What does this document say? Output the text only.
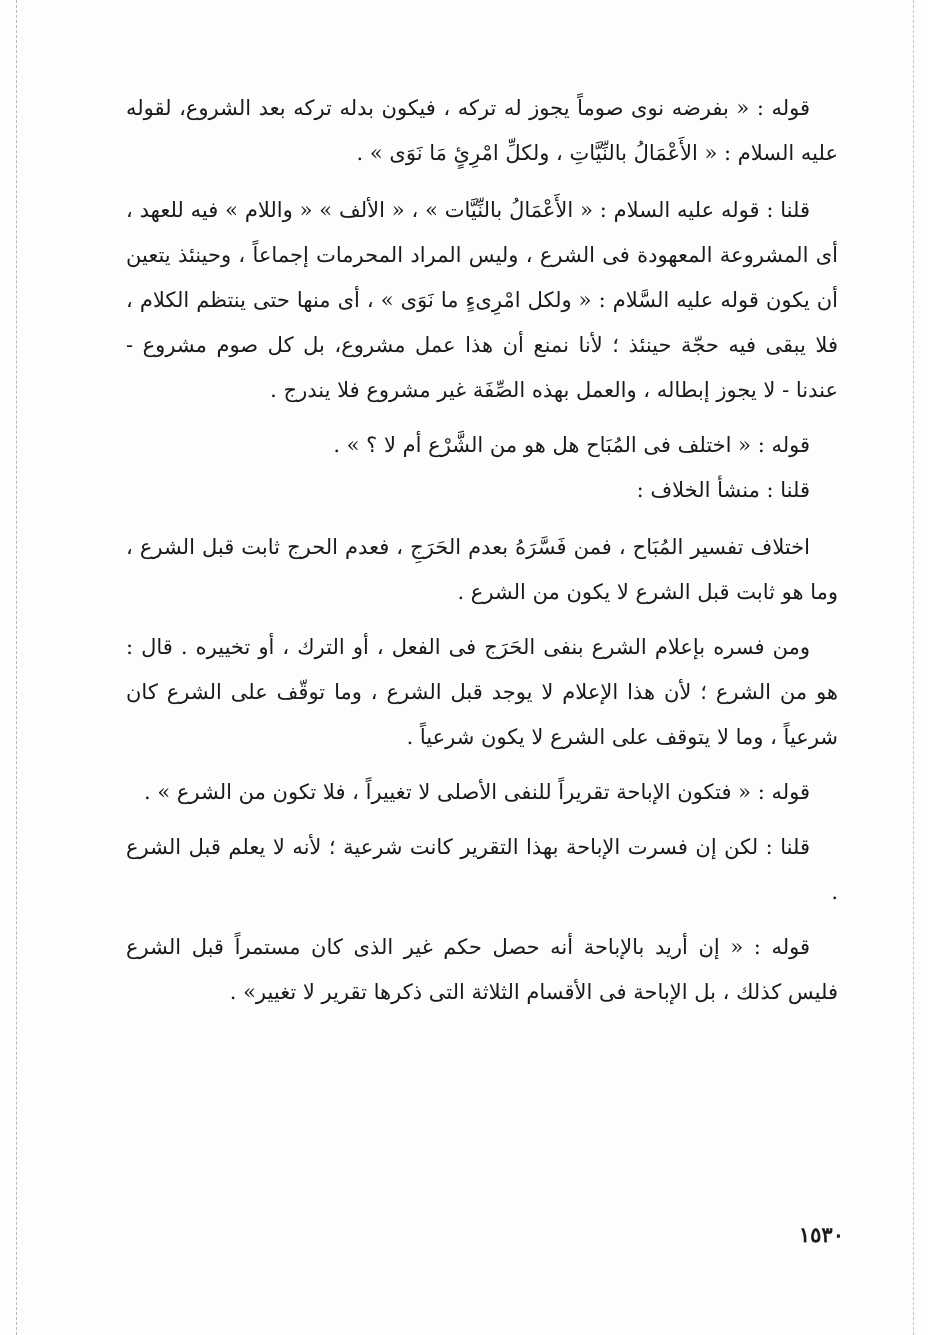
قوله : « بفرضه نوى صوماً يجوز له تركه ، فيكون بدله تركه بعد الشروع، لقوله عليه السلام : « الأَعْمَالُ بالنِّيَّاتِ ، ولكلِّ امْرِئٍ مَا نَوَى » .

قلنا : قوله عليه السلام : « الأَعْمَالُ بالنِّيَّات » ، « الألف » « واللام » فيه للعهد ، أى المشروعة المعهودة فى الشرع ، وليس المراد المحرمات إجماعاً ، وحينئذ يتعين أن يكون قوله عليه السَّلام : « ولكل امْرِىءٍ ما نَوَى » ، أى منها حتى ينتظم الكلام ، فلا يبقى فيه حجّة حينئذ ؛ لأنا نمنع أن هذا عمل مشروع، بل كل صوم مشروع - عندنا - لا يجوز إبطاله ، والعمل بهذه الصِّفَة غير مشروع فلا يندرج .

قوله : « اختلف فى المُبَاح هل هو من الشَّرْع أم لا ؟ » .

قلنا : منشأ الخلاف :

اختلاف تفسير المُبَاح ، فمن فَسَّرَهُ بعدم الحَرَجِ ، فعدم الحرج ثابت قبل الشرع ، وما هو ثابت قبل الشرع لا يكون من الشرع .

ومن فسره بإعلام الشرع بنفى الحَرَج فى الفعل ، أو الترك ، أو تخييره . قال : هو من الشرع ؛ لأن هذا الإعلام لا يوجد قبل الشرع ، وما توقّف على الشرع كان شرعياً ، وما لا يتوقف على الشرع لا يكون شرعياً .

قوله : « فتكون الإباحة تقريراً للنفى الأصلى لا تغييراً ، فلا تكون من الشرع » .

قلنا : لكن إن فسرت الإباحة بهذا التقرير كانت شرعية ؛ لأنه لا يعلم قبل الشرع .

قوله : « إن أريد بالإباحة أنه حصل حكم غير الذى كان مستمراً قبل الشرع فليس كذلك ، بل الإباحة فى الأقسام الثلاثة التى ذكرها تقرير لا تغيير» .

١٥٣٠
